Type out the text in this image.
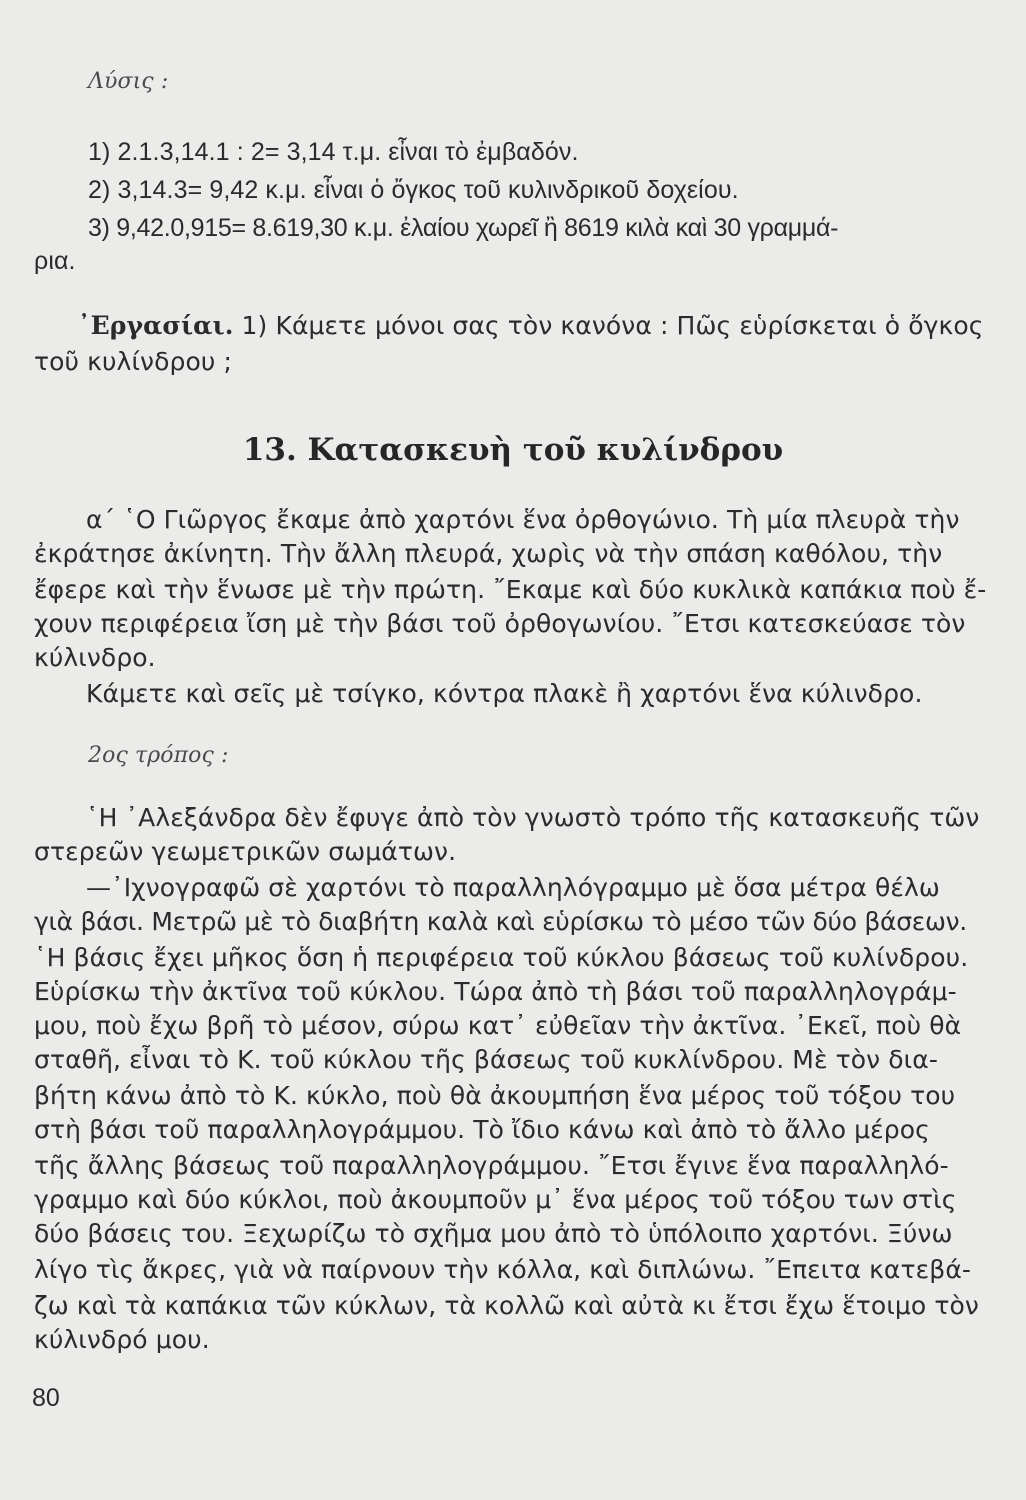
Λύσις :
1) 2.1.3,14.1 : 2= 3,14 τ.μ. εἶναι τὸ ἐμβαδόν.
2) 3,14.3= 9,42 κ.μ. εἶναι ὁ ὄγκος τοῦ κυλινδρικοῦ δοχείου.
3) 9,42.0,915= 8.619,30 κ.μ. ἐλαίου χωρεῖ ἢ 8619 κιλὰ καὶ 30 γραμμά-
ρια.
᾿Εργασίαι. 1) Κάμετε μόνοι σας τὸν κανόνα : Πῶς εὑρίσκεται ὁ ὄγκος
τοῦ κυλίνδρου ;
13. Κατασκευὴ τοῦ κυλίνδρου
α΄ ῾Ο Γιῶργος ἔκαμε ἀπὸ χαρτόνι ἕνα ὀρθογώνιο. Τὴ μία πλευρὰ τὴν
ἐκράτησε ἀκίνητη. Τὴν ἄλλη πλευρά, χωρὶς νὰ τὴν σπάση καθόλου, τὴν
ἔφερε καὶ τὴν ἕνωσε μὲ τὴν πρώτη. ῎Εκαμε καὶ δύο κυκλικὰ καπάκια ποὺ ἔ-
χουν περιφέρεια ἴση μὲ τὴν βάσι τοῦ ὀρθογωνίου. ῎Ετσι κατεσκεύασε τὸν
κύλινδρο.
Κάμετε καὶ σεῖς μὲ τσίγκο, κόντρα πλακὲ ἢ χαρτόνι ἕνα κύλινδρο.
2ος τρόπος :
῾Η ᾿Αλεξάνδρα δὲν ἔφυγε ἀπὸ τὸν γνωστὸ τρόπο τῆς κατασκευῆς τῶν
στερεῶν γεωμετρικῶν σωμάτων.
—᾿Ιχνογραφῶ σὲ χαρτόνι τὸ παραλληλόγραμμο μὲ ὅσα μέτρα θέλω
γιὰ βάσι. Μετρῶ μὲ τὸ διαβήτη καλὰ καὶ εὑρίσκω τὸ μέσο τῶν δύο βάσεων.
῾Η βάσις ἔχει μῆκος ὅση ἡ περιφέρεια τοῦ κύκλου βάσεως τοῦ κυλίνδρου.
Εὑρίσκω τὴν ἀκτῖνα τοῦ κύκλου. Τώρα ἀπὸ τὴ βάσι τοῦ παραλληλογράμ-
μου, ποὺ ἔχω βρῆ τὸ μέσον, σύρω κατ᾿ εὐθεῖαν τὴν ἀκτῖνα. ᾿Εκεῖ, ποὺ θὰ
σταθῆ, εἶναι τὸ Κ. τοῦ κύκλου τῆς βάσεως τοῦ κυκλίνδρου. Μὲ τὸν δια-
βήτη κάνω ἀπὸ τὸ Κ. κύκλο, ποὺ θὰ ἀκουμπήση ἕνα μέρος τοῦ τόξου του
στὴ βάσι τοῦ παραλληλογράμμου. Τὸ ἴδιο κάνω καὶ ἀπὸ τὸ ἄλλο μέρος
τῆς ἄλλης βάσεως τοῦ παραλληλογράμμου. ῎Ετσι ἔγινε ἕνα παραλληλό-
γραμμο καὶ δύο κύκλοι, ποὺ ἀκουμποῦν μ᾿ ἕνα μέρος τοῦ τόξου των στὶς
δύο βάσεις του. Ξεχωρίζω τὸ σχῆμα μου ἀπὸ τὸ ὑπόλοιπο χαρτόνι. Ξύνω
λίγο τὶς ἄκρες, γιὰ νὰ παίρνουν τὴν κόλλα, καὶ διπλώνω. ῎Επειτα κατεβά-
ζω καὶ τὰ καπάκια τῶν κύκλων, τὰ κολλῶ καὶ αὐτὰ κι ἔτσι ἔχω ἕτοιμο τὸν
κύλινδρό μου.
80
